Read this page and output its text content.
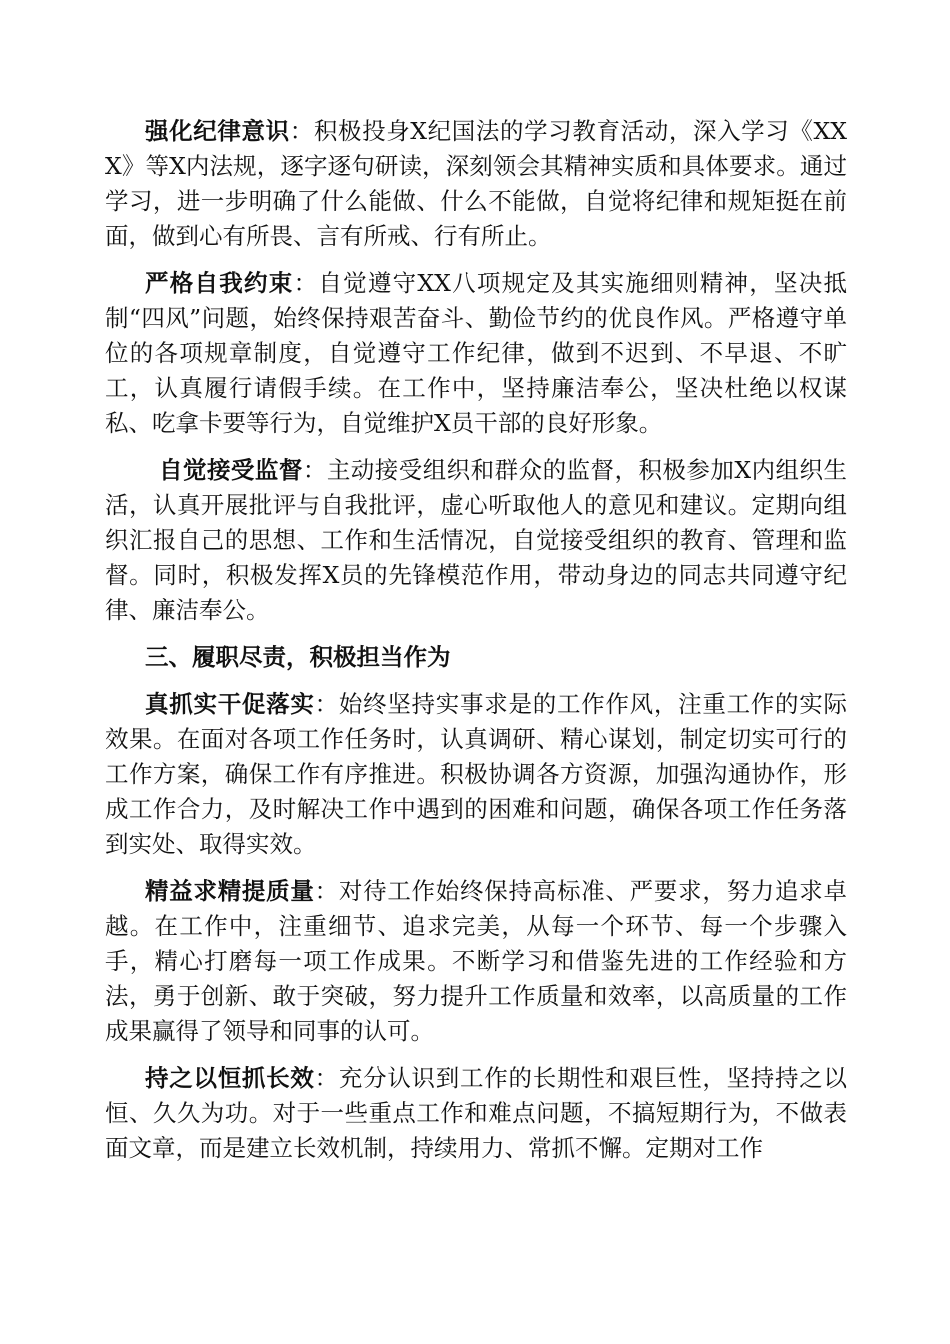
强化纪律意识：积极投身X纪国法的学习教育活动，深入学习《XXX》等X内法规，逐字逐句研读，深刻领会其精神实质和具体要求。通过学习，进一步明确了什么能做、什么不能做，自觉将纪律和规矩挺在前面，做到心有所畏、言有所戒、行有所止。

严格自我约束：自觉遵守XX八项规定及其实施细则精神，坚决抵制“四风”问题，始终保持艰苦奋斗、勤俭节约的优良作风。严格遵守单位的各项规章制度，自觉遵守工作纪律，做到不迟到、不早退、不旷工，认真履行请假手续。在工作中，坚持廉洁奉公，坚决杜绝以权谋私、吃拿卡要等行为，自觉维护X员干部的良好形象。

自觉接受监督：主动接受组织和群众的监督，积极参加X内组织生活，认真开展批评与自我批评，虚心听取他人的意见和建议。定期向组织汇报自己的思想、工作和生活情况，自觉接受组织的教育、管理和监督。同时，积极发挥X员的先锋模范作用，带动身边的同志共同遵守纪律、廉洁奉公。

三、履职尽责，积极担当作为

真抓实干促落实：始终坚持实事求是的工作作风，注重工作的实际效果。在面对各项工作任务时，认真调研、精心谋划，制定切实可行的工作方案，确保工作有序推进。积极协调各方资源，加强沟通协作，形成工作合力，及时解决工作中遇到的困难和问题，确保各项工作任务落到实处、取得实效。

精益求精提质量：对待工作始终保持高标准、严要求，努力追求卓越。在工作中，注重细节、追求完美，从每一个环节、每一个步骤入手，精心打磨每一项工作成果。不断学习和借鉴先进的工作经验和方法，勇于创新、敢于突破，努力提升工作质量和效率，以高质量的工作成果赢得了领导和同事的认可。

持之以恒抓长效：充分认识到工作的长期性和艰巨性，坚持持之以恒、久久为功。对于一些重点工作和难点问题，不搞短期行为，不做表面文章，而是建立长效机制，持续用力、常抓不懈。定期对工作
